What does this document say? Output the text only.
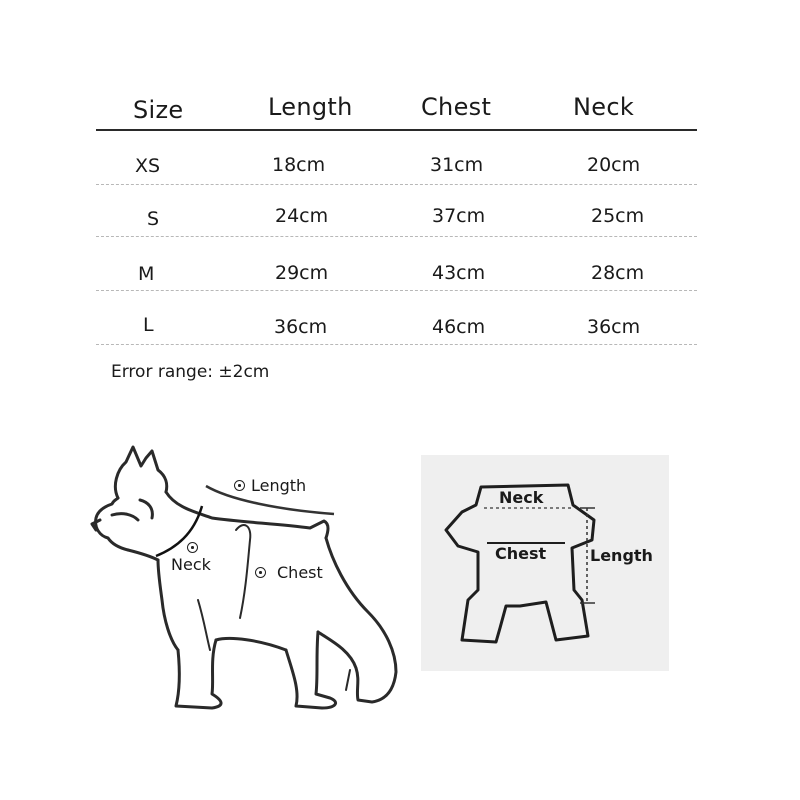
Size	Length	Chest	Neck
XS	18cm	31cm	20cm
S	24cm	37cm	25cm
M	29cm	43cm	28cm
L	36cm	46cm	36cm
Error range: ±2cm
Length
Neck	Chest
Neck
Chest	Length
